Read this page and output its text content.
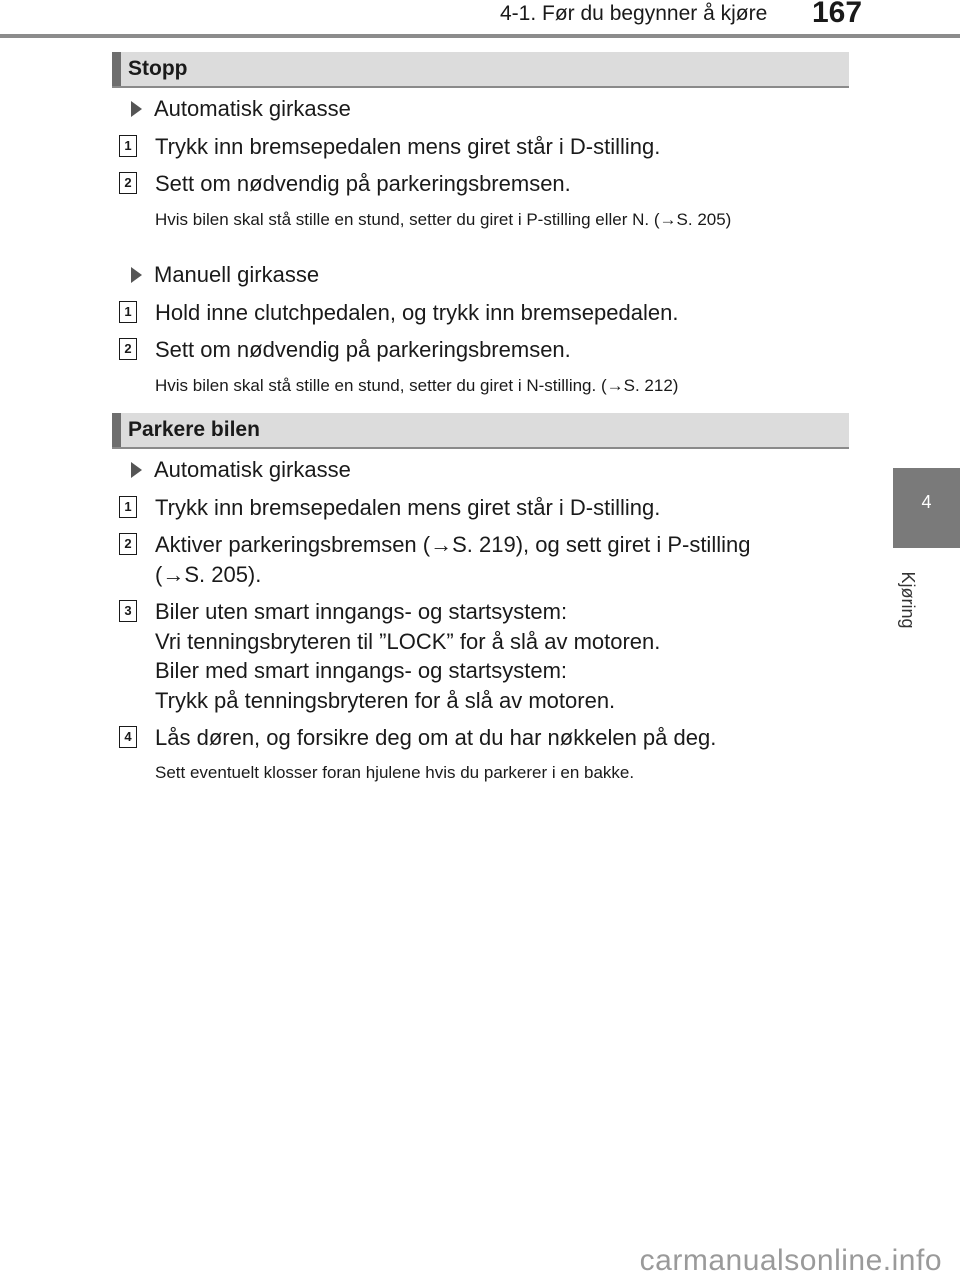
4-1. Før du begynner å kjøre 167
4
Kjøring
Stopp
Automatisk girkasse
1 Trykk inn bremsepedalen mens giret står i D-stilling.
2 Sett om nødvendig på parkeringsbremsen.
Hvis bilen skal stå stille en stund, setter du giret i P-stilling eller N. (→S. 205)
Manuell girkasse
1 Hold inne clutchpedalen, og trykk inn bremsepedalen.
2 Sett om nødvendig på parkeringsbremsen.
Hvis bilen skal stå stille en stund, setter du giret i N-stilling. (→S. 212)
Parkere bilen
Automatisk girkasse
1 Trykk inn bremsepedalen mens giret står i D-stilling.
2 Aktiver parkeringsbremsen (→S. 219), og sett giret i P-stilling
(→S. 205).
3 Biler uten smart inngangs- og startsystem:
Vri tenningsbryteren til ”LOCK” for å slå av motoren.
Biler med smart inngangs- og startsystem:
Trykk på tenningsbryteren for å slå av motoren.
4 Lås døren, og forsikre deg om at du har nøkkelen på deg.
Sett eventuelt klosser foran hjulene hvis du parkerer i en bakke.
carmanualsonline.info
